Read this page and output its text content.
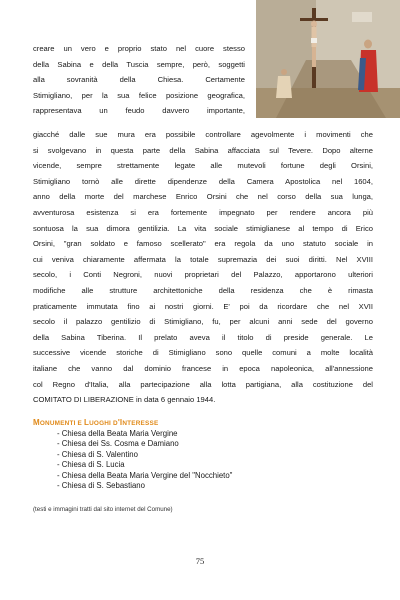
creare un vero e proprio stato nel cuore stesso
della Sabina e della Tuscia sempre, però, soggetti
alla sovranità della Chiesa. Certamente
Stimigliano, per la sua felice posizione geografica,
rappresentava un feudo davvero importante,
giacché dalle sue mura era possibile controllare agevolmente i movimenti che
si svolgevano in questa parte della Sabina affacciata sul Tevere. Dopo alterne
vicende, sempre strettamente legate alle mutevoli fortune degli Orsini,
Stimigliano tornò alle dirette dipendenze della Camera Apostolica nel 1604,
anno della morte del marchese Enrico Orsini che nel corso della sua lunga,
avventurosa esistenza si era fortemente impegnato per rendere ancora più
sontuosa la sua dimora gentilizia. La vita sociale stimiglianese al tempo di Erico
Orsini, "gran soldato e famoso scellerato" era regola da uno statuto sociale in
cui veniva chiaramente affermata la totale supremazia dei suoi diritti. Nel XVIII
secolo, i Conti Negroni, nuovi proprietari del Palazzo, apportarono ulteriori
modifiche alle strutture architettoniche della residenza che è rimasta
praticamente immutata fino ai nostri giorni. E' poi da ricordare che nel XVII
secolo il palazzo gentilizio di Stimigliano, fu, per alcuni anni sede del governo
della Sabina Tiberina. Il prelato aveva il titolo di preside generale. Le
successive vicende storiche di Stimigliano sono quelle comuni a molte località
italiane che vanno dal dominio francese in epoca napoleonica, all'annessione
col Regno d'Italia, alla partecipazione alla lotta partigiana, alla costituzione del
COMITATO DI LIBERAZIONE in data 6 gennaio 1944.
MONUMENTI E LUOGHI D'INTERESSE
- Chiesa della Beata Maria Vergine
- Chiesa dei Ss. Cosma e Damiano
- Chiesa di S. Valentino
- Chiesa di S. Lucia
- Chiesa della Beata Maria Vergine del "Nocchieto"
- Chiesa di S. Sebastiano
(testi e immagini tratti dal sito internet del Comune)
75
